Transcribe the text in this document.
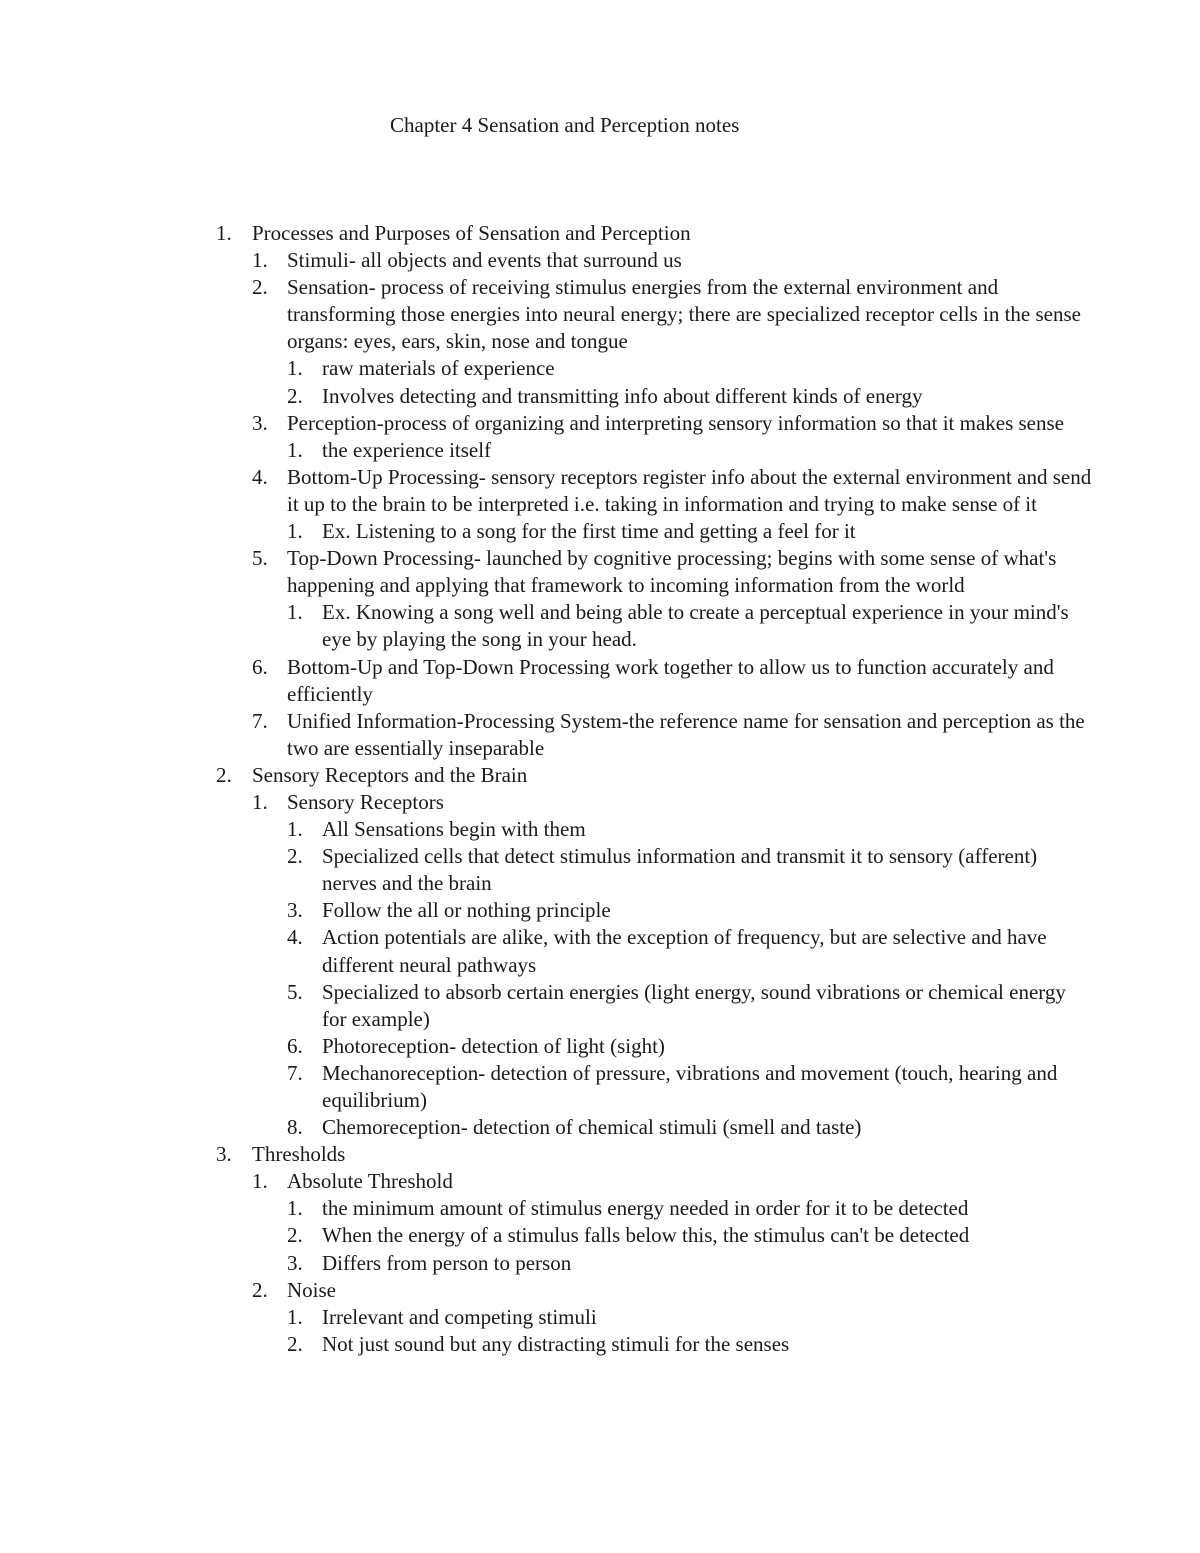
Chapter 4 Sensation and Perception notes
1. Processes and Purposes of Sensation and Perception
1. Stimuli- all objects and events that surround us
2. Sensation- process of receiving stimulus energies from the external environment and transforming those energies into neural energy; there are specialized receptor cells in the sense organs: eyes, ears, skin, nose and tongue
1. raw materials of experience
2. Involves detecting and transmitting info about different kinds of energy
3. Perception-process of organizing and interpreting sensory information so that it makes sense
1. the experience itself
4. Bottom-Up Processing- sensory receptors register info about the external environment and send it up to the brain to be interpreted i.e. taking in information and trying to make sense of it
1. Ex. Listening to a song for the first time and getting a feel for it
5. Top-Down Processing- launched by cognitive processing; begins with some sense of what's happening and applying that framework to incoming information from the world
1. Ex. Knowing a song well and being able to create a perceptual experience in your mind's eye by playing the song in your head.
6. Bottom-Up and Top-Down Processing work together to allow us to function accurately and efficiently
7. Unified Information-Processing System-the reference name for sensation and perception as the two are essentially inseparable
2. Sensory Receptors and the Brain
1. Sensory Receptors
1. All Sensations begin with them
2. Specialized cells that detect stimulus information and transmit it to sensory (afferent) nerves and the brain
3. Follow the all or nothing principle
4. Action potentials are alike, with the exception of frequency, but are selective and have different neural pathways
5. Specialized to absorb certain energies (light energy, sound vibrations or chemical energy for example)
6. Photoreception- detection of light (sight)
7. Mechanoreception- detection of pressure, vibrations and movement (touch, hearing and equilibrium)
8. Chemoreception- detection of chemical stimuli (smell and taste)
3. Thresholds
1. Absolute Threshold
1. the minimum amount of stimulus energy needed in order for it to be detected
2. When the energy of a stimulus falls below this, the stimulus can't be detected
3. Differs from person to person
2. Noise
1. Irrelevant and competing stimuli
2. Not just sound but any distracting stimuli for the senses
